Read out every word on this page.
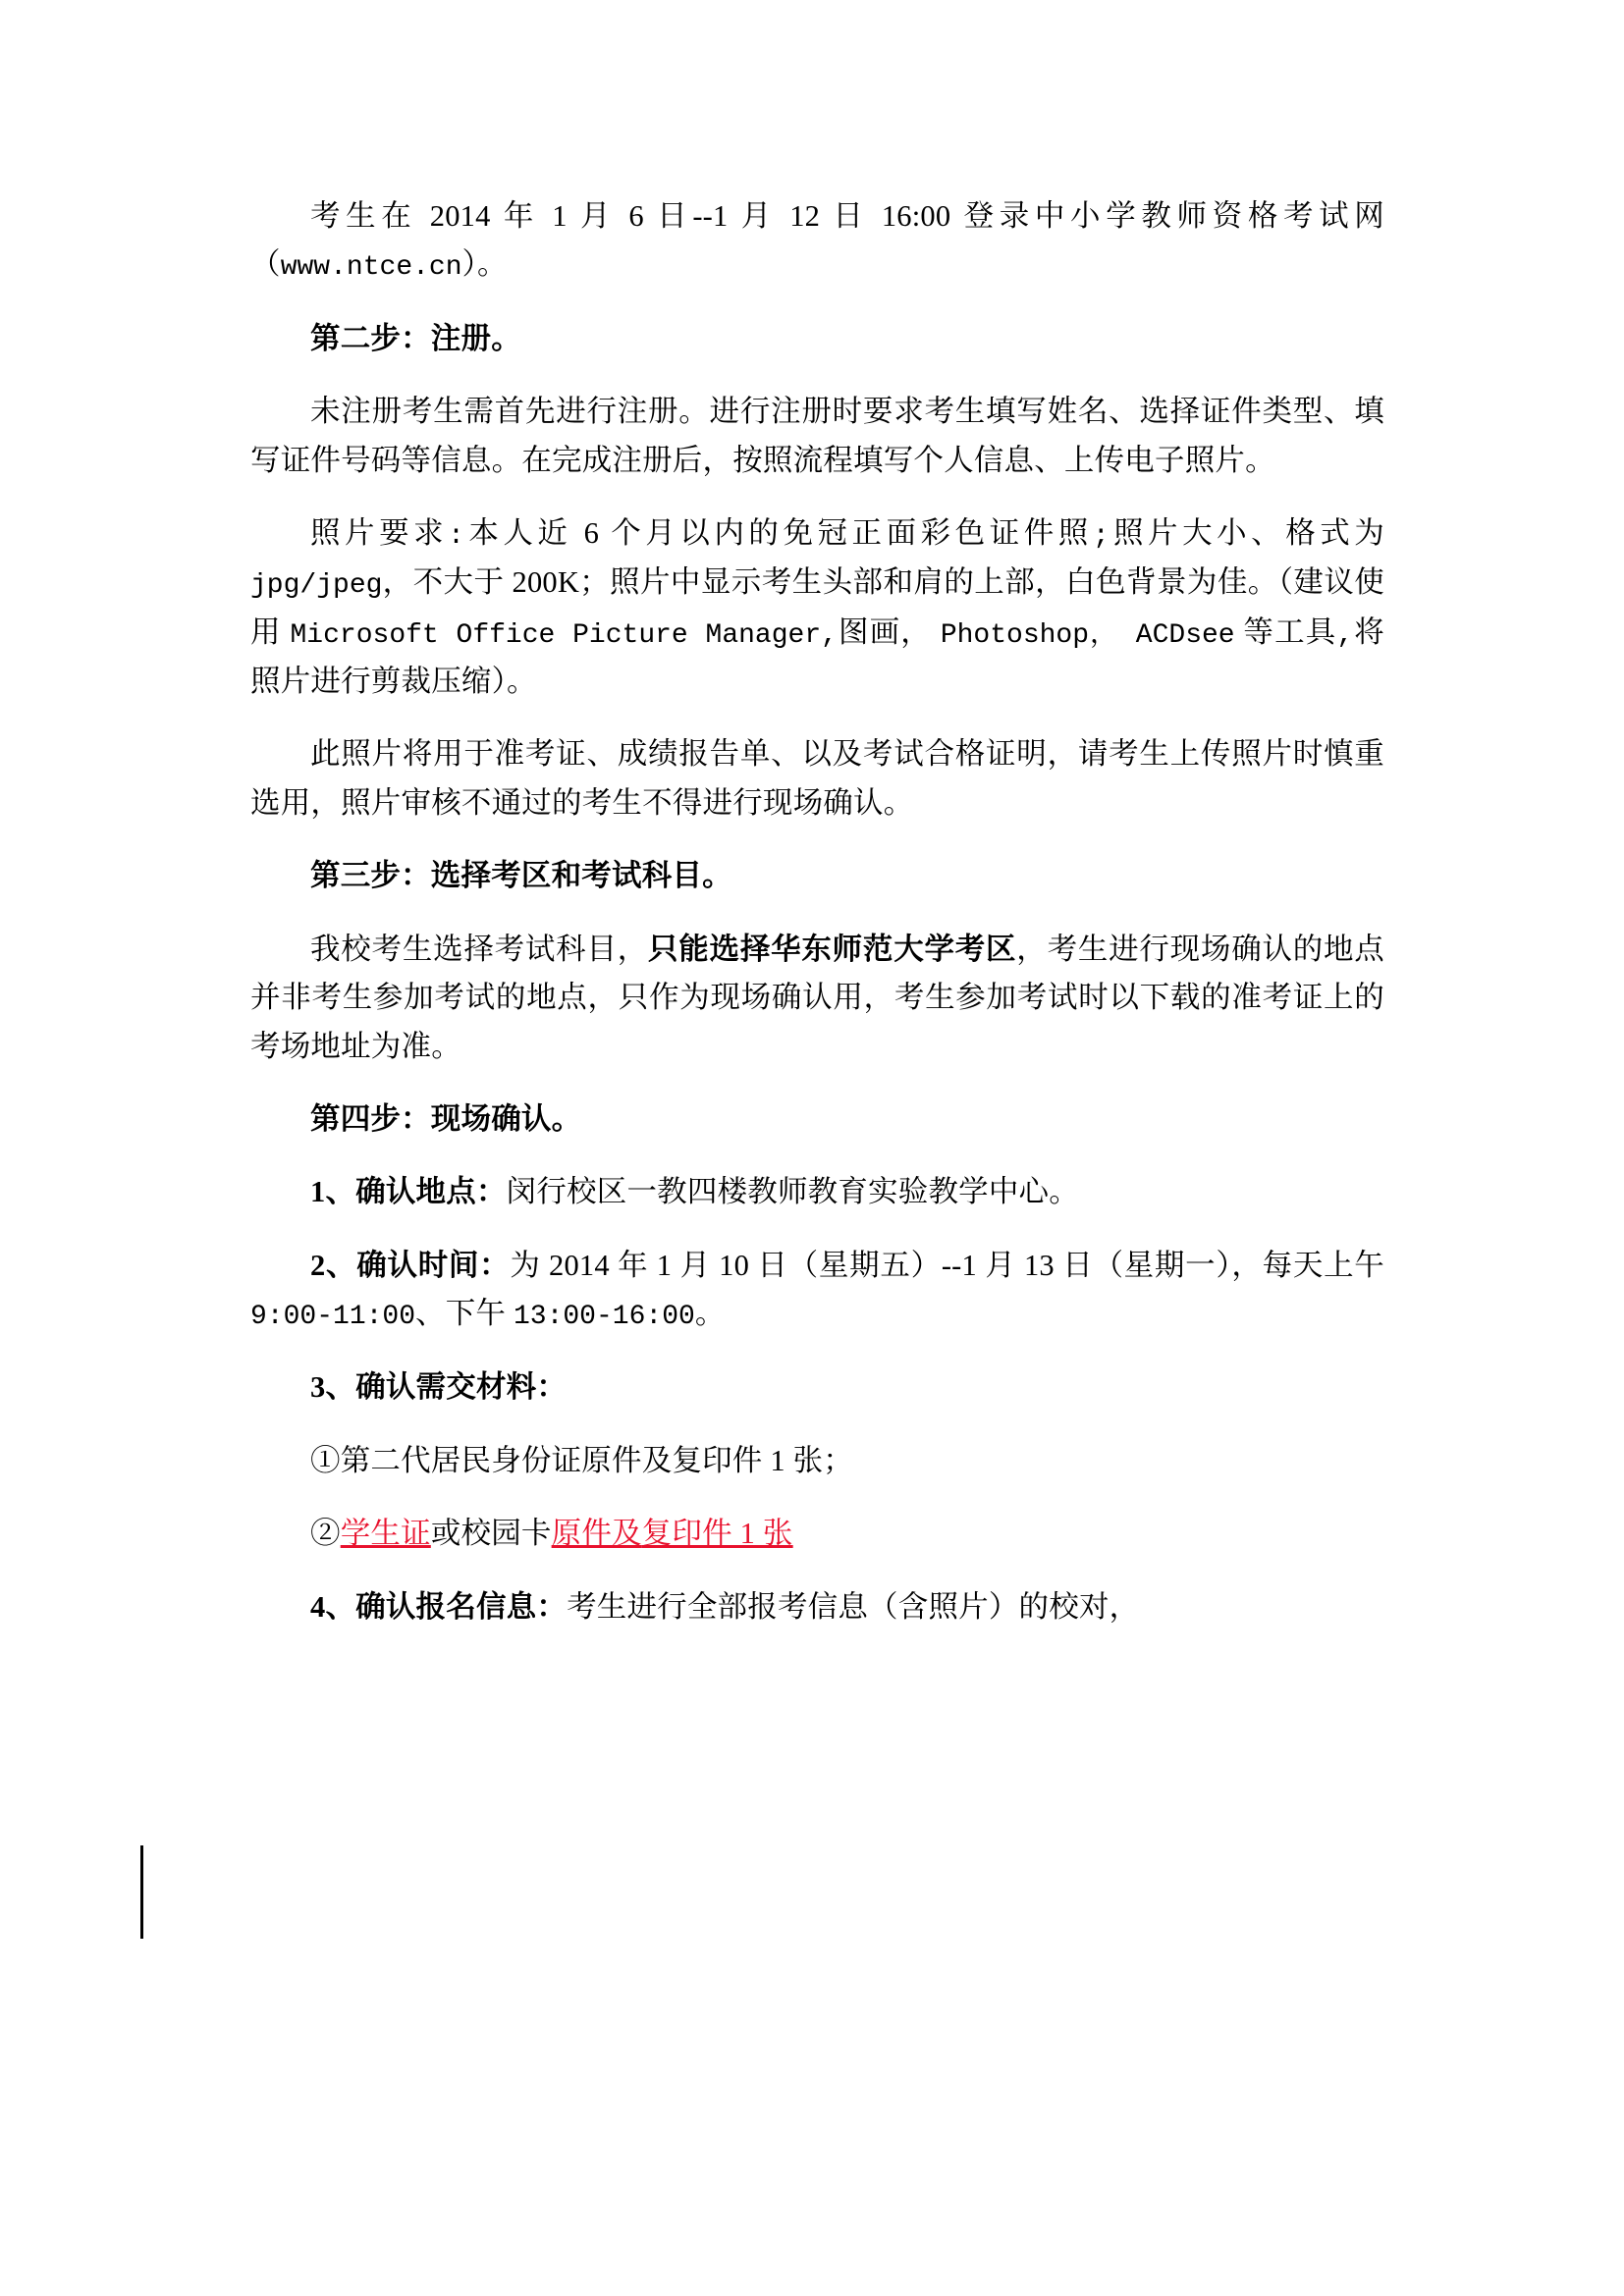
考生在 2014 年 1 月 6 日--1 月 12 日 16:00 登录中小学教师资格考试网（www.ntce.cn）。

第二步：注册。

未注册考生需首先进行注册。进行注册时要求考生填写姓名、选择证件类型、填写证件号码等信息。在完成注册后，按照流程填写个人信息、上传电子照片。

照片要求:本人近 6 个月以内的免冠正面彩色证件照;照片大小、格式为 jpg/jpeg，不大于 200K；照片中显示考生头部和肩的上部，白色背景为佳。（建议使用 Microsoft Office Picture Manager,图画， Photoshop， ACDsee 等工具,将照片进行剪裁压缩）。

此照片将用于准考证、成绩报告单、以及考试合格证明，请考生上传照片时慎重选用，照片审核不通过的考生不得进行现场确认。

第三步：选择考区和考试科目。

我校考生选择考试科目，只能选择华东师范大学考区，考生进行现场确认的地点并非考生参加考试的地点，只作为现场确认用，考生参加考试时以下载的准考证上的考场地址为准。

第四步：现场确认。

1、确认地点：闵行校区一教四楼教师教育实验教学中心。

2、确认时间：为 2014 年 1 月 10 日（星期五）--1 月 13 日（星期一），每天上午 9:00-11:00、下午 13:00-16:00。

3、确认需交材料：

①第二代居民身份证原件及复印件 1 张；

②学生证或校园卡原件及复印件 1 张

4、确认报名信息：考生进行全部报考信息（含照片）的校对，
